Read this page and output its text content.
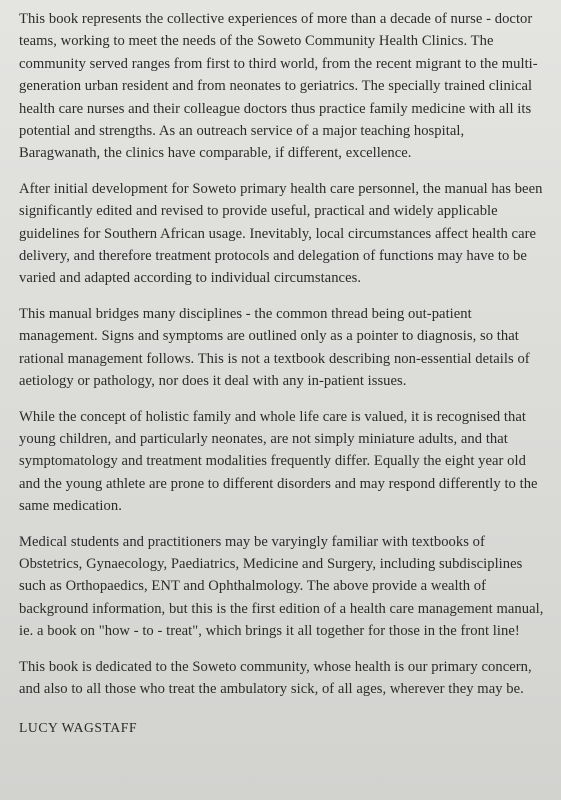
This book represents the collective experiences of more than a decade of nurse - doctor teams, working to meet the needs of the Soweto Community Health Clinics. The community served ranges from first to third world, from the recent migrant to the multi-generation urban resident and from neonates to geriatrics. The specially trained clinical health care nurses and their colleague doctors thus practice family medicine with all its potential and strengths. As an outreach service of a major teaching hospital, Baragwanath, the clinics have comparable, if different, excellence.

After initial development for Soweto primary health care personnel, the manual has been significantly edited and revised to provide useful, practical and widely applicable guidelines for Southern African usage. Inevitably, local circumstances affect health care delivery, and therefore treatment protocols and delegation of functions may have to be varied and adapted according to individual circumstances.

This manual bridges many disciplines - the common thread being out-patient management. Signs and symptoms are outlined only as a pointer to diagnosis, so that rational management follows. This is not a textbook describing non-essential details of aetiology or pathology, nor does it deal with any in-patient issues.

While the concept of holistic family and whole life care is valued, it is recognised that young children, and particularly neonates, are not simply miniature adults, and that symptomatology and treatment modalities frequently differ. Equally the eight year old and the young athlete are prone to different disorders and may respond differently to the same medication.

Medical students and practitioners may be varyingly familiar with textbooks of Obstetrics, Gynaecology, Paediatrics, Medicine and Surgery, including subdisciplines such as Orthopaedics, ENT and Ophthalmology. The above provide a wealth of background information, but this is the first edition of a health care management manual, ie. a book on "how - to - treat", which brings it all together for those in the front line!

This book is dedicated to the Soweto community, whose health is our primary concern, and also to all those who treat the ambulatory sick, of all ages, wherever they may be.

LUCY WAGSTAFF
